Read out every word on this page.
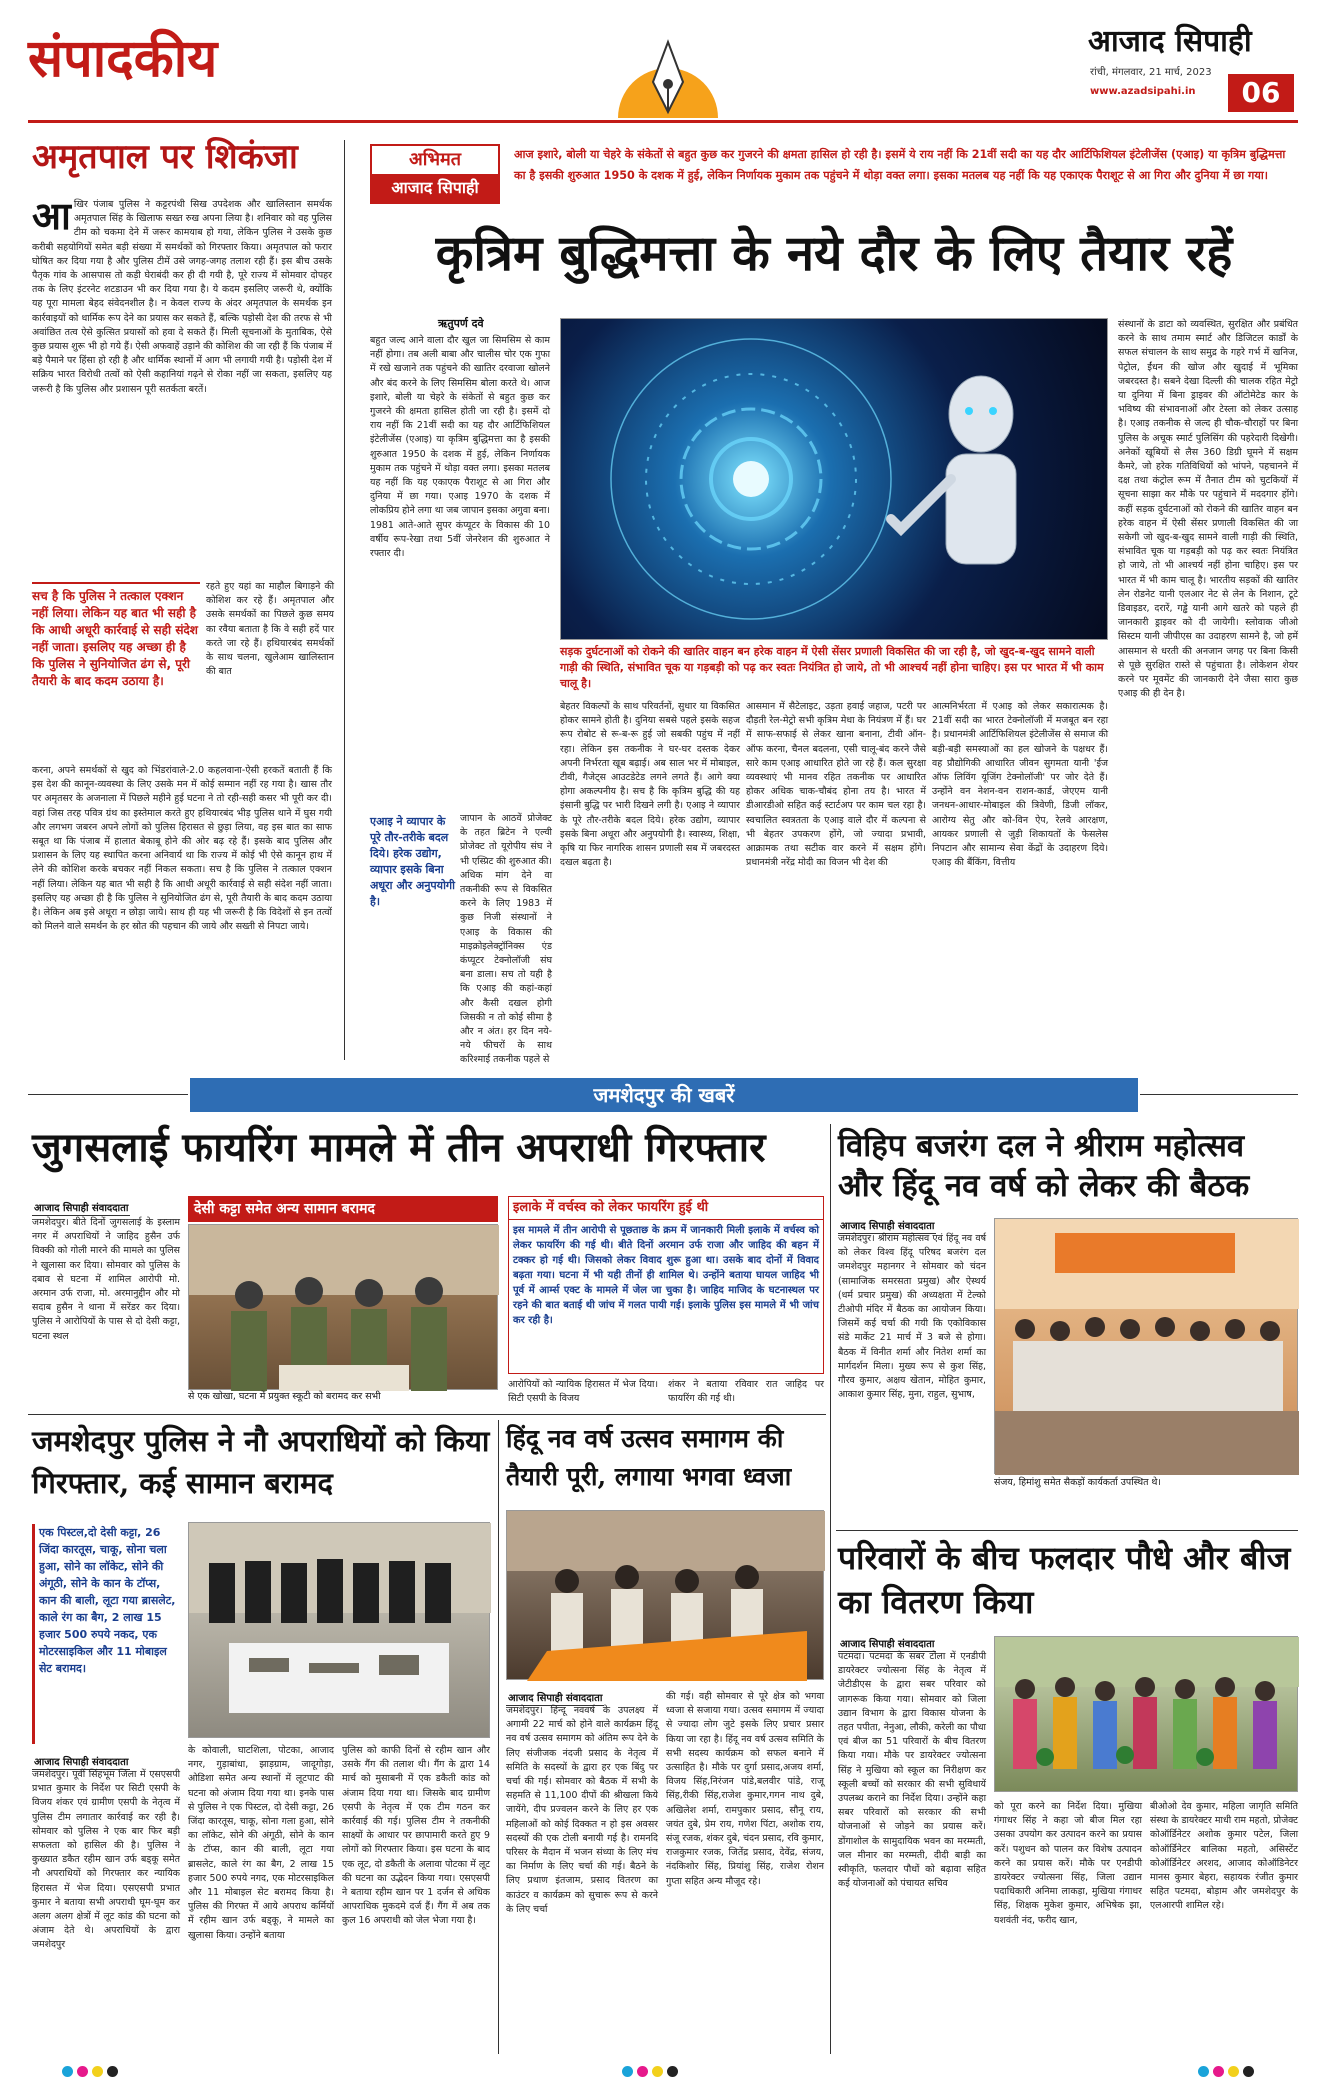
संपादकीय	आजाद सिपाही
रांची, मंगलवार, 21 मार्च, 2023
www.azadsipahi.in	06
अमृतपाल पर शिकंजा
आ खिर पंजाब पुलिस ने कट्टरपंथी सिख उपदेशक और खालिस्तान समर्थक अमृतपाल सिंह के खिलाफ सख्त रुख अपना लिया है। शनिवार को वह पुलिस टीम को चकमा देने में जरूर कामयाब हो गया, लेकिन पुलिस ने उसके कुछ करीबी सहयोगियों समेत बड़ी संख्या में समर्थकों को गिरफ्तार किया। अमृतपाल को फरार घोषित कर दिया गया है और पुलिस टीमें उसे जगह-जगह तलाश रही हैं। इस बीच उसके पैतृक गांव के आसपास तो कड़ी घेराबंदी कर ही दी गयी है, पूरे राज्य में सोमवार दोपहर तक के लिए इंटरनेट शटडाउन भी कर दिया गया है। ये कदम इसलिए जरूरी थे, क्योंकि यह पूरा मामला बेहद संवेदनशील है। न केवल राज्य के अंदर अमृतपाल के समर्थक इन कार्रवाइयों को धार्मिक रूप देने का प्रयास कर सकते हैं, बल्कि पड़ोसी देश की तरफ से भी अवांछित तत्व ऐसे कुत्सित प्रयासों को हवा दे सकते हैं। मिली सूचनाओं के मुताबिक, ऐसे कुछ प्रयास शुरू भी हो गये हैं। ऐसी अफवाहें उड़ाने की कोशिश की जा रही हैं कि पंजाब में बड़े पैमाने पर हिंसा हो रही है और धार्मिक स्थानों में आग भी लगायी गयी है। पड़ोसी देश में सक्रिय भारत विरोधी तत्वों को ऐसी कहानियां गढ़ने से रोका नहीं जा सकता, इसलिए यह जरूरी है कि पुलिस और प्रशासन पूरी सतर्कता बरतें।

सच है कि पुलिस ने तत्काल एक्शन नहीं लिया। लेकिन यह बात भी सही है कि आधी अधूरी कार्रवाई से सही संदेश नहीं जाता। इसलिए यह अच्छा ही है कि पुलिस ने सुनियोजित ढंग से, पूरी तैयारी के बाद कदम उठाया है।

रहते हुए यहां का माहौल बिगाड़ने की कोशिश कर रहे हैं। अमृतपाल और उसके समर्थकों का पिछले कुछ समय का रवैया बताता है कि वे सही हदें पार करते जा रहे हैं। हथियारबंद समर्थकों के साथ चलना, खुलेआम खालिस्तान की बात

करना, अपने समर्थकों से खुद को भिंडरांवाले-2.0 कहलवाना-ऐसी हरकतें बताती हैं कि इस देश की कानून-व्यवस्था के लिए उसके मन में कोई सम्मान नहीं रह गया है। खास तौर पर अमृतसर के अजनाला में पिछले महीने हुई घटना ने तो रही-सही कसर भी पूरी कर दी। वहां जिस तरह पवित्र ग्रंथ का इस्तेमाल करते हुए हथियारबंद भीड़ पुलिस थाने में घुस गयी और लगभग जबरन अपने लोगों को पुलिस हिरासत से छुड़ा लिया, वह इस बात का साफ सबूत था कि पंजाब में हालात बेकाबू होने की ओर बढ़ रहे हैं। इसके बाद पुलिस और प्रशासन के लिए यह स्थापित करना अनिवार्य था कि राज्य में कोई भी ऐसे कानून हाथ में लेने की कोशिश करके बचकर नहीं निकल सकता। सच है कि पुलिस ने तत्काल एक्शन नहीं लिया। लेकिन यह बात भी सही है कि आधी अधूरी कार्रवाई से सही संदेश नहीं जाता। इसलिए यह अच्छा ही है कि पुलिस ने सुनियोजित ढंग से, पूरी तैयारी के बाद कदम उठाया है। लेकिन अब इसे अधूरा न छोड़ा जाये। साथ ही यह भी जरूरी है कि विदेशों से इन तत्वों को मिलने वाले समर्थन के हर स्रोत की पहचान की जाये और सख्ती से निपटा जाये।

अभिमत
आजाद सिपाही

आज इशारे, बोली या चेहरे के संकेतों से बहुत कुछ कर गुजरने की क्षमता हासिल हो रही है। इसमें ये राय नहीं कि 21वीं सदी का यह दौर आर्टिफिशियल इंटेलीजेंस (एआइ) या कृत्रिम बुद्धिमत्ता का है इसकी शुरुआत 1950 के दशक में हुई, लेकिन निर्णायक मुकाम तक पहुंचने में थोड़ा वक्त लगा। इसका मतलब यह नहीं कि यह एकाएक पैराशूट से आ गिरा और दुनिया में छा गया।

कृत्रिम बुद्धिमत्ता के नये दौर के लिए तैयार रहें
ऋतुपर्ण दवे

बहुत जल्द आने वाला दौर खुल जा सिमसिम से काम नहीं होगा। तब अली बाबा और चालीस चोर एक गुफा में रखे खजाने तक पहुंचने की खातिर दरवाजा खोलने और बंद करने के लिए सिमसिम बोला करते थे। आज इशारे, बोली या चेहरे के संकेतों से बहुत कुछ कर गुजरने की क्षमता हासिल होती जा रही है। इसमें दो राय नहीं कि 21वीं सदी का यह दौर आर्टिफिशियल इंटेलीजेंस (एआइ) या कृत्रिम बुद्धिमत्ता का है इसकी शुरुआत 1950 के दशक में हुई, लेकिन निर्णायक मुकाम तक पहुंचने में थोड़ा वक्त लगा। इसका मतलब यह नहीं कि यह एकाएक पैराशूट से आ गिरा और दुनिया में छा गया। एआइ 1970 के दशक में लोकप्रिय होने लगा था जब जापान इसका अगुवा बना। 1981 आते-आते सुपर कंप्यूटर के विकास की 10 वर्षीय रूप-रेखा तथा 5वीं जेनरेशन की शुरुआत ने रफ्तार दी।

एआइ ने व्यापार के पूरे तौर-तरीके बदल दिये। हरेक उद्योग, व्यापार इसके बिना अधूरा और अनुपयोगी है।

जापान के आठवें प्रोजेक्ट के तहत ब्रिटेन ने एल्वी प्रोजेक्ट तो यूरोपीय संघ ने भी एस्प्रिट की शुरुआत की। अधिक मांग देने वा तकनीकी रूप से विकसित करने के लिए 1983 में कुछ निजी संस्थानों ने एआइ के विकास की माइक्रोइलेक्ट्रॉनिक्स एंड कंप्यूटर टेक्नोलॉजी संघ बना डाला। सच तो यही है कि एआइ की कहां-कहां और कैसी दखल होगी जिसकी न तो कोई सीमा है और न अंत। हर दिन नये-नये फीचरों के साथ करिश्माई तकनीक पहले से

सड़क दुर्घटनाओं को रोकने की खातिर वाहन बन हरेक वाहन में ऐसी सेंसर प्रणाली विकसित की जा रही है, जो खुद-ब-खुद सामने वाली गाड़ी की स्थिति, संभावित चूक या गड़बड़ी को पढ़ कर स्वतः नियंत्रित हो जाये, तो भी आश्चर्य नहीं होना चाहिए। इस पर भारत में भी काम चालू है।

बेहतर विकल्पों के साथ परिवर्तनों, सुधार या विकसित होकर सामने होती है। दुनिया सबसे पहले इसके सहज रूप रोबोट से रू-ब-रू हुई जो सबकी पहुंच में नहीं रहा। लेकिन इस तकनीक ने घर-घर दस्तक देकर अपनी निर्भरता खूब बढ़ाई। अब साल भर में मोबाइल, टीवी, गैजेट्स आउटडेटेड लगने लगते हैं। आगे क्या होगा अकल्पनीय है। सच है कि कृत्रिम बुद्धि की यह इंसानी बुद्धि पर भारी दिखने लगी है। एआइ ने व्यापार के पूरे तौर-तरीके बदल दिये। हरेक उद्योग, व्यापार इसके बिना अधूरा और अनुपयोगी है। स्वास्थ्य, शिक्षा, कृषि या फिर नागरिक शासन प्रणाली सब में जबरदस्त दखल बढ़ता है।

आसमान में सैटेलाइट, उड़ता हवाई जहाज, पटरी पर दौड़ती रेल-मेट्रो सभी कृत्रिम मेधा के नियंत्रण में हैं। घर में साफ-सफाई से लेकर खाना बनाना, टीवी ऑन-ऑफ करना, चैनल बदलना, एसी चालू-बंद करने जैसे सारे काम एआइ आधारित होते जा रहे हैं। कल सुरक्षा व्यवस्थाएं भी मानव रहित तकनीक पर आधारित होकर अधिक चाक-चौबंद होना तय है। भारत में डीआरडीओ सहित कई स्टार्टअप पर काम चल रहा है। स्वचालित स्वत्रतता के एआइ वाले दौर में कल्पना से भी बेहतर उपकरण होंगे, जो ज्यादा प्रभावी, आक्रामक तथा सटीक वार करने में सक्षम होंगे। प्रधानमंत्री नरेंद्र मोदी का विजन भी देश की

आत्मनिर्भरता में एआइ को लेकर सकारात्मक है। 21वीं सदी का भारत टेक्नोलॉजी में मजबूत बन रहा है। प्रधानमंत्री आर्टिफिशियल इंटेलीजेंस से समाज की बड़ी-बड़ी समस्याओं का हल खोजने के पक्षधर हैं। वह प्रौद्योगिकी आधारित जीवन सुगमता यानी 'ईज ऑफ लिविंग यूजिंग टेक्नोलॉजी' पर जोर देते हैं। उन्होंने वन नेशन-वन राशन-कार्ड, जेएएम यानी जनधन-आधार-मोबाइल की त्रिवेणी, डिजी लॉकर, आरोग्य सेतु और को-विन ऐप, रेलवे आरक्षण, आयकर प्रणाली से जुड़ी शिकायतों के फेसलेस निपटान और सामान्य सेवा केंद्रों के उदाहरण दिये। एआइ की बैंकिंग, वित्तीय

संस्थानों के डाटा को व्यवस्थित, सुरक्षित और प्रबंधित करने के साथ तमाम स्मार्ट और डिजिटल कार्डों के सफल संचालन के साथ समुद्र के गहरे गर्भ में खनिज, पेट्रोल, ईंधन की खोज और खुदाई में भूमिका जबरदस्त है। सबने देखा दिल्ली की चालक रहित मेट्रो या दुनिया में बिना ड्राइवर की ऑटोमेटेड कार के भविष्य की संभावनाओं और टेस्ला को लेकर उत्साह है। एआइ तकनीक से जल्द ही चौक-चौराहों पर बिना पुलिस के अचूक स्मार्ट पुलिसिंग की पहरेदारी दिखेगी। अनेकों खूबियों से लैस 360 डिग्री घूमने में सक्षम कैमरे, जो हरेक गतिविधियों को भांपने, पहचानने में दक्ष तथा कंट्रोल रूम में तैनात टीम को चुटकियों में सूचना साझा कर मौके पर पहुंचाने में मददगार होंगे। कहीं सड़क दुर्घटनाओं को रोकने की खातिर वाहन बन हरेक वाहन में ऐसी सेंसर प्रणाली विकसित की जा सकेगी जो खुद-ब-खुद सामने वाली गाड़ी की स्थिति, संभावित चूक या गड़बड़ी को पढ़ कर स्वतः नियंत्रित हो जाये, तो भी आश्चर्य नहीं होना चाहिए। इस पर भारत में भी काम चालू है। भारतीय सड़कों की खातिर लेन रोडनेट यानी एलआर नेट से लेन के निशान, टूटे डिवाइडर, दरारें, गड्ढे यानी आगे खतरे को पहले ही जानकारी ड्राइवर को दी जायेगी। स्लोवाक जीओ सिस्टम यानी जीपीएस का उदाहरण सामने है, जो हमें आसमान से धरती की अनजान जगह पर बिना किसी से पूछे सुरक्षित रास्ते से पहुंचाता है। लोकेशन शेयर करने पर मूवमेंट की जानकारी देने जैसा सारा कुछ एआइ की ही देन है।

जमशेदपुर की खबरें
जुगसलाई फायरिंग मामले में तीन अपराधी गिरफ्तार
आजाद सिपाही संवाददाता

जमशेदपुर। बीते दिनों जुगसलाई के इस्लाम नगर में अपराधियों ने जाहिद हुसैन उर्फ विक्की को गोली मारने की मामले का पुलिस ने खुलासा कर दिया। सोमवार को पुलिस के दबाव से घटना में शामिल आरोपी मो. अरमान उर्फ राजा, मो. अरमानुद्दीन और मो सदाब हुसैन ने थाना में सरेंडर कर दिया। पुलिस ने आरोपियों के पास से दो देसी कट्टा, घटना स्थल

देसी कट्टा समेत अन्य सामान बरामद
से एक खोखा, घटना में प्रयुक्त स्कूटी को बरामद कर सभी
इलाके में वर्चस्व को लेकर फायरिंग हुई थी

इस मामले में तीन आरोपी से पूछताछ के क्रम में जानकारी मिली इलाके में वर्चस्व को लेकर फायरिंग की गई थी। बीते दिनों अरमान उर्फ राजा और जाहिद की बहन में टक्कर हो गई थी। जिसको लेकर विवाद शुरू हुआ था। उसके बाद दोनों में विवाद बढ़ता गया। घटना में भी यही तीनों ही शामिल थे। उन्होंने बताया घायल जाहिद भी पूर्व में आर्म्स एक्ट के मामले में जेल जा चुका है। जाहिद माजिद के घटनास्थल पर रहने की बात बताई थी जांच में गलत पायी गई। इलाके पुलिस इस मामले में भी जांच कर रही है।

आरोपियों को न्यायिक हिरासत में भेज दिया। सिटी एसपी के विजय

शंकर ने बताया रविवार रात जाहिद पर फायरिंग की गई थी।

विहिप बजरंग दल ने श्रीराम महोत्सव और हिंदू नव वर्ष को लेकर की बैठक
आजाद सिपाही संवाददाता

जमशेदपुर। श्रीराम महोत्सव एवं हिंदू नव वर्ष को लेकर विश्व हिंदू परिषद बजरंग दल जमशेदपुर महानगर ने सोमवार को चंदन (सामाजिक समरसता प्रमुख) और ऐस्थर्य (धर्म प्रचार प्रमुख) की अध्यक्षता में टेल्को टीओपी मंदिर में बैठक का आयोजन किया। जिसमें कई चर्चा की गयी कि एकोविकास संडे मार्केट 21 मार्च में 3 बजे से होगा। बैठक में विनीत शर्मा और नितेश शर्मा का मार्गदर्शन मिला। मुख्य रूप से कुश सिंह, गौरव कुमार, अक्षय खेतान, मोहित कुमार, आकाश कुमार सिंह, मुना, राहुल, सुभाष,

संजय, हिमांशु समेत सैकड़ों कार्यकर्ता उपस्थित थे।
जमशेदपुर पुलिस ने नौ अपराधियों को किया गिरफ्तार, कई सामान बरामद
एक पिस्टल,दो देसी कट्टा, 26 जिंदा कारतूस, चाकू, सोना चला हुआ, सोने का लॉकेट, सोने की अंगूठी, सोने के कान के टॉप्स, कान की बाली, लूटा गया ब्रासलेट, काले रंग का बैग, 2 लाख 15 हजार 500 रुपये नकद, एक मोटरसाइकिल और 11 मोबाइल सेट बरामद।
आजाद सिपाही संवाददाता

जमशेदपुर। पूर्वी सिंहभूम जिला में एसएसपी प्रभात कुमार के निर्देश पर सिटी एसपी के विजय शंकर एवं ग्रामीण एसपी के नेतृत्व में पुलिस टीम लगातार कार्रवाई कर रही है। सोमवार को पुलिस ने एक बार फिर बड़ी सफलता को हासिल की है। पुलिस ने कुख्यात डकैत रहीम खान उर्फ बड्कू समेत नौ अपराधियों को गिरफ्तार कर न्यायिक हिरासत में भेज दिया। एसएसपी प्रभात कुमार ने बताया सभी अपराधी घूम-घूम कर अलग अलग क्षेत्रों में लूट कांड की घटना को अंजाम देते थे। अपराधियों के द्वारा जमशेदपुर

के कोवाली, घाटशिला, पोटका, आजाद नगर, गुड़ाबांधा, झाड़ग्राम, जादूगोड़ा, ओडिशा समेत अन्य स्थानों में लूटपाट की घटना को अंजाम दिया गया था। इनके पास से पुलिस ने एक पिस्टल, दो देसी कट्टा, 26 जिंदा कारतूस, चाकू, सोना गला हुआ, सोने का लॉकेट, सोने की अंगूठी, सोने के कान के टॉप्स, कान की बाली, लूटा गया ब्रासलेट, काले रंग का बैग, 2 लाख 15 हजार 500 रुपये नगद, एक मोटरसाइकिल और 11 मोबाइल सेट बरामद किया है। पुलिस की गिरफ्त में आये अपराध कर्मियों में रहीम खान उर्फ बड्कू, ने मामले का खुलासा किया। उन्होंने बताया

पुलिस को काफी दिनों से रहीम खान और उसके गैंग की तलाश थी। गैंग के द्वारा 14 मार्च को मुसाबनी में एक डकैती कांड को अंजाम दिया गया था। जिसके बाद ग्रामीण एसपी के नेतृत्व में एक टीम गठन कर कार्रवाई की गई। पुलिस टीम ने तकनीकी साक्ष्यों के आधार पर छापामारी करते हुए 9 लोगों को गिरफ्तार किया। इस घटना के बाद एक लूट, दो डकैती के अलावा पोटका में लूट की घटना का उद्भेदन किया गया। एसएसपी ने बताया रहीम खान पर 1 दर्जन से अधिक आपराधिक मुकदमे दर्ज हैं। गैंग में अब तक कुल 16 अपराधी को जेल भेजा गया है।

हिंदू नव वर्ष उत्सव समागम की तैयारी पूरी, लगाया भगवा ध्वजा
आजाद सिपाही संवाददाता

जमशेदपुर। हिन्दू नववर्ष के उपलक्ष्य में अगामी 22 मार्च को होने वाले कार्यक्रम हिंदू नव वर्ष उत्सव समागम को अंतिम रूप देने के लिए संजीजक नंदजी प्रसाद के नेतृत्व में समिति के सदस्यों के द्वारा हर एक बिंदु पर चर्चा की गई। सोमवार को बैठक में सभी के सहमति से 11,100 दीपों की श्रीखला किये जायेंगे, दीप प्रज्वलन करने के लिए हर एक महिलाओं को कोई दिक्कत न हो इस अवसर सदस्यों की एक टोली बनायी गई है। रामनदि परिसर के मैदान में भजन संध्या के लिए मंच का निर्माण के लिए चर्चा की गई। बैठने के लिए प्रथाण इंतजाम, प्रसाद वितरण का काउंटर व कार्यक्रम को सुचारू रूप से करने के लिए चर्चा

की गई। वही सोमवार से पूरे क्षेत्र को भगवा ध्वजा से सजाया गया। उत्सव समागम में ज्यादा से ज्यादा लोग जुटे इसके लिए प्रचार प्रसार किया जा रहा है। हिंदू नव वर्ष उत्सव समिति के सभी सदस्य कार्यक्रम को सफल बनाने में उत्साहित है। मौके पर दुर्गा प्रसाद,अजय शर्मा, विजय सिंह,निरंजन पांडे,बलवीर पांडे, राजू सिंह,रीकी सिंह,राजेश कुमार,गगन नाथ दुबे, अखिलेश शर्मा, रामपुकार प्रसाद, सौनू राय, जयंत दुबे, प्रेम राय, गणेश पिंटा, अशोक राय, संजू रजक, शंकर दुबे, चंदन प्रसाद, रवि कुमार, राजकुमार रजक, जितेंद्र प्रसाद, देवेंद्र, संजय, नंदकिशोर सिंह, प्रियांशु सिंह, राजेश रोशन गुप्ता सहित अन्य मौजूद रहे।

परिवारों के बीच फलदार पौधे और बीज का वितरण किया
आजाद सिपाही संवाददाता

पटमदा। पटमदा के सबर टोला में एनडीपी डायरेक्टर ज्योत्सना सिंह के नेतृत्व में जेटीडीएस के द्वारा सबर परिवार को जागरूक किया गया। सोमवार को जिला उद्यान विभाग के द्वारा विकास योजना के तहत पपीता, नेनुआ, लौकी, करेली का पौधा एवं बीज का 51 परिवारों के बीच वितरण किया गया। मौके पर डायरेक्टर ज्योत्सना सिंह ने मुखिया को स्कूल का निरीक्षण कर स्कूली बच्चों को सरकार की सभी सुविधायें उपलब्ध कराने का निर्देश दिया। उन्होंने कहा सबर परिवारों को सरकार की सभी योजनाओं से जोड़ने का प्रयास करें। डोंगाशोल के सामुदायिक भवन का मरम्मती, जल मीनार का मरम्मती, दीदी बाड़ी का स्वीकृति, फलदार पौधों को बढ़ावा सहित कई योजनाओं को पंचायत सचिव

को पूरा करने का निर्देश दिया। मुखिया गंगाधर सिंह ने कहा जो बीज मिल रहा उसका उपयोग कर उत्पादन करने का प्रयास करें। पशुधन को पालन कर विशेष उत्पादन करने का प्रयास करें। मौके पर एनडीपी डायरेक्टर ज्योत्सना सिंह, जिला उद्यान पदाधिकारी अनिमा लाकड़ा, मुखिया गंगाधर सिंह, शिक्षक मुकेश कुमार, अभिषेक झा, यशवंती नंद, फरीद खान,

बीओओ देव कुमार, महिला जागृति समिति संस्था के डायरेक्टर माधी राम महतो, प्रोजेक्ट कोऑर्डिनेटर अशोक कुमार पटेल, जिला कोऑर्डिनेटर बालिका महतो, असिस्टेंट कोऑर्डिनेटर अरशद, आजाद कोऑडिनेटर मानस कुमार बेहरा, सहायक रंजीत कुमार सहित पटमदा, बोड़ाम और जमशेदपुर के एलआरपी शामिल रहे।
